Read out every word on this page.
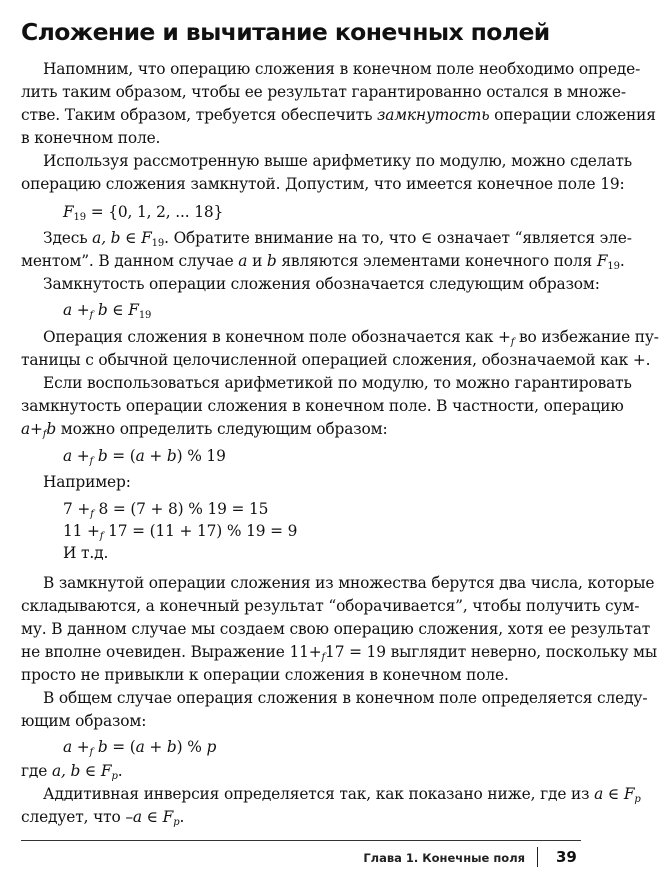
Сложение и вычитание конечных полей
Напомним, что операцию сложения в конечном поле необходимо опреде-
лить таким образом, чтобы ее результат гарантированно остался в множе-
стве. Таким образом, требуется обеспечить замкнутость операции сложения
в конечном поле.
Используя рассмотренную выше арифметику по модулю, можно сделать
операцию сложения замкнутой. Допустим, что имеется конечное поле 19:
$F_{19} = \{0$, 1, 2, ... 18}
Здесь a, b ∈ $F_{19}$. Обратите внимание на то, что ∈ означает “является эле-
ментом”. В данном случае a и b являются элементами конечного поля $F_{19}$.
Замкнутость операции сложения обозначается следующим образом:
$a +_f$ b ∈ $F_{19}$
Операция сложения в конечном поле обозначается как $+_f$ во избежание пу-
таницы с обычной целочисленной операцией сложения, обозначаемой как +.
Если воспользоваться арифметикой по модулю, то можно гарантировать
замкнутость операции сложения в конечном поле. В частности, операцию
$a+_fb$ можно определить следующим образом:
$a +_f$ b = (a + b) % 19
Например:
$7 +_f$ 8 = (7 + 8) % 19 = 15
$11 +_f$ 17 = (11 + 17) % 19 = 9
И т.д.
В замкнутой операции сложения из множества берутся два числа, которые
складываются, а конечный результат “оборачивается”, чтобы получить сум-
му. В данном случае мы создаем свою операцию сложения, хотя ее результат
не вполне очевиден. Выражение $11+_f17 = 19$ выглядит неверно, поскольку мы
просто не привыкли к операции сложения в конечном поле.
В общем случае операция сложения в конечном поле определяется следу-
ющим образом:
$a +_f$ b = (a + b) % p
где a, b ∈ $F_p$.
Аддитивная инверсия определяется так, как показано ниже, где из a ∈ $F_p$
следует, что –a ∈ $F_p$.
Глава 1. Конечные поля 39
